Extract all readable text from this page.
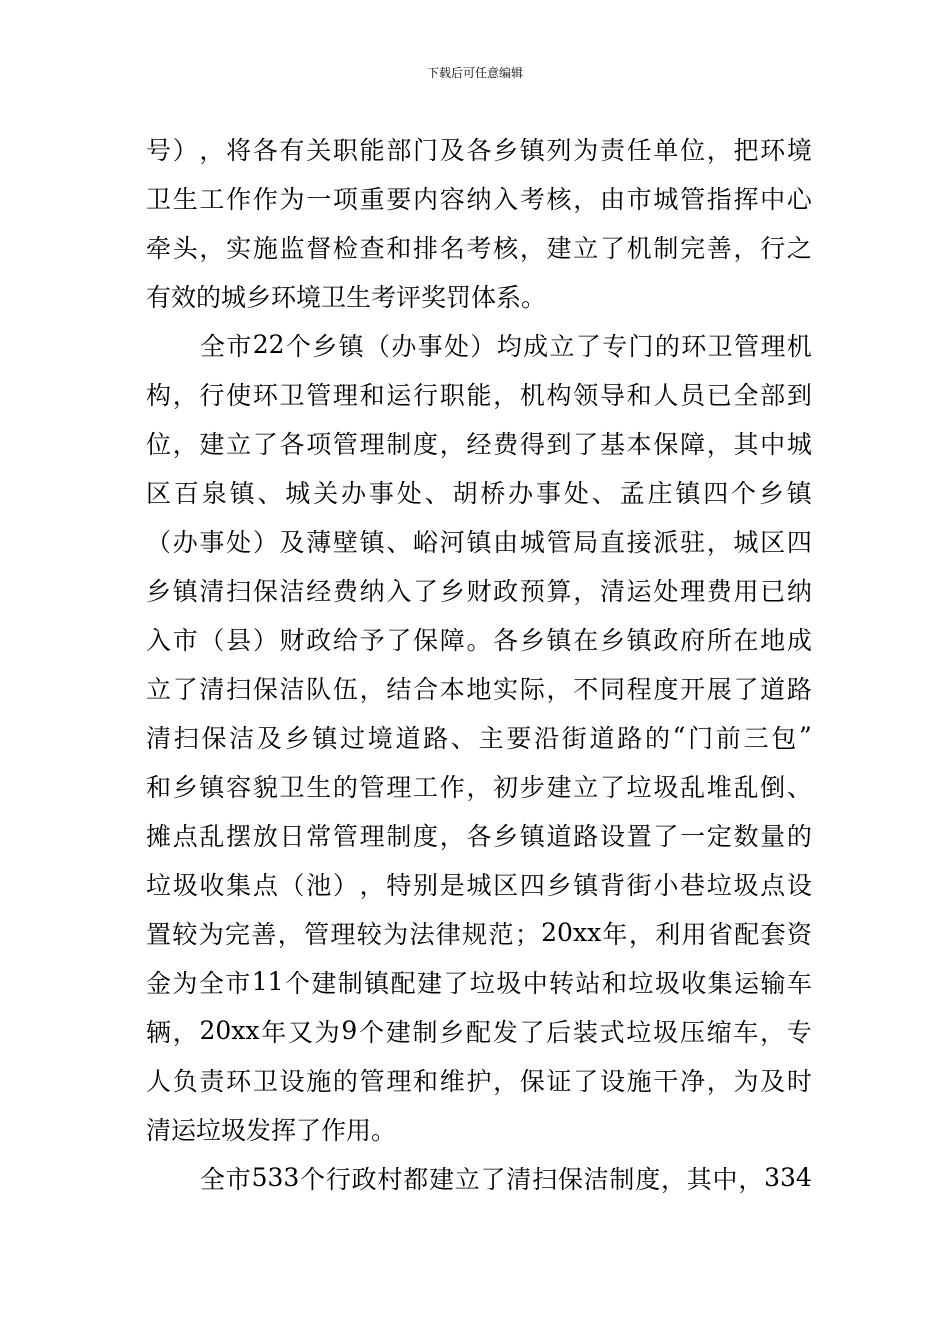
下载后可任意编辑
号 ） ， 将 各 有 关 职 能 部 门 及 各 乡 镇 列 为 责 任 单 位 ， 把 环 境
卫 生 工 作 作 为 一 项 重 要 内 容 纳 入 考 核 ， 由 市 城 管 指 挥 中 心
牵 头 ， 实 施 监 督 检 查 和 排 名 考 核 ， 建 立 了 机 制 完 善 ， 行 之
有效的城乡环境卫生考评奖罚体系。
全 市 22 个 乡 镇 （ 办 事 处 ） 均 成 立 了 专 门 的 环 卫 管 理 机
构 ， 行 使 环 卫 管 理 和 运 行 职 能 ， 机 构 领 导 和 人 员 已 全 部 到
位 ， 建 立 了 各 项 管 理 制 度 ， 经 费 得 到 了 基 本 保 障 ， 其 中 城
区 百 泉 镇 、 城 关 办 事 处 、 胡 桥 办 事 处 、 孟 庄 镇 四 个 乡 镇
（ 办 事 处 ） 及 薄 壁 镇 、 峪 河 镇 由 城 管 局 直 接 派 驻 ， 城 区 四
乡 镇 清 扫 保 洁 经 费 纳 入 了 乡 财 政 预 算 ， 清 运 处 理 费 用 已 纳
入 市 （ 县 ） 财 政 给 予 了 保 障 。 各 乡 镇 在 乡 镇 政 府 所 在 地 成
立 了 清 扫 保 洁 队 伍 ， 结 合 本 地 实 际 ， 不 同 程 度 开 展 了 道 路
清 扫 保 洁 及 乡 镇 过 境 道 路 、 主 要 沿 街 道 路 的 “ 门 前 三 包 ”
和 乡 镇 容 貌 卫 生 的 管 理 工 作 ， 初 步 建 立 了 垃 圾 乱 堆 乱 倒 、
摊 点 乱 摆 放 日 常 管 理 制 度 ， 各 乡 镇 道 路 设 置 了 一 定 数 量 的
垃 圾 收 集 点 （ 池 ） ， 特 别 是 城 区 四 乡 镇 背 街 小 巷 垃 圾 点 设
置 较 为 完 善 ， 管 理 较 为 法 律 规 范 ； 20xx 年 ， 利 用 省 配 套 资
金 为 全 市 11 个 建 制 镇 配 建 了 垃 圾 中 转 站 和 垃 圾 收 集 运 输 车
辆 ， 20xx 年 又 为 9 个 建 制 乡 配 发 了 后 装 式 垃 圾 压 缩 车 ， 专
人 负 责 环 卫 设 施 的 管 理 和 维 护 ， 保 证 了 设 施 干 净 ， 为 及 时
清运垃圾发挥了作用。
全 市 533 个 行 政 村 都 建 立 了 清 扫 保 洁 制 度 ， 其 中 ， 334
